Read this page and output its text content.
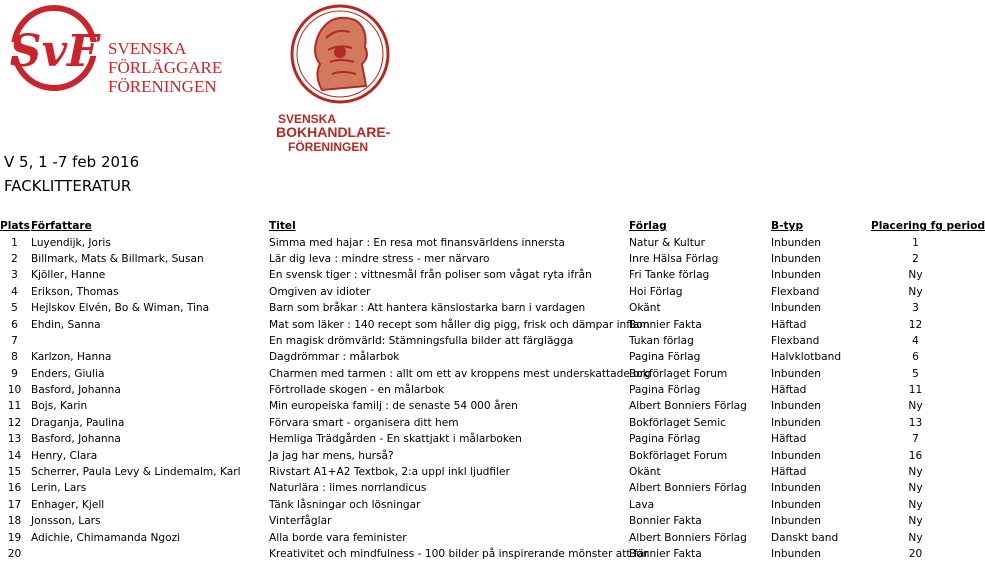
SvF SVENSKA
FÖRLÄGGARE
FÖRENINGEN
SVENSKA
BOKHANDLARE-
FÖRENINGEN
V 5, 1 -7 feb 2016
FACKLITTERATUR
Plats	Författare	Titel	Förlag	B-typ	Placering fg period
1	Luyendijk, Joris	Simma med hajar : En resa mot finansvärldens innersta	Natur & Kultur	Inbunden	1
2	Billmark, Mats & Billmark, Susan	Lär dig leva : mindre stress - mer närvaro	Inre Hälsa Förlag	Inbunden	2
3	Kjöller, Hanne	En svensk tiger : vittnesmål från poliser som vågat ryta ifrån	Fri Tanke förlag	Inbunden	Ny
4	Erikson, Thomas	Omgiven av idioter	Hoi Förlag	Flexband	Ny
5	Hejlskov Elvén, Bo & Wiman, Tina	Barn som bråkar : Att hantera känslostarka barn i vardagen	Okänt	Inbunden	3
6	Ehdin, Sanna	Mat som läker : 140 recept som håller dig pigg, frisk och dämpar inflam	Bonnier Fakta	Häftad	12
7		En magisk drömvärld: Stämningsfulla bilder att färglägga	Tukan förlag	Flexband	4
8	Karlzon, Hanna	Dagdrömmar : målarbok	Pagina Förlag	Halvklotband	6
9	Enders, Giulia	Charmen med tarmen : allt om ett av kroppens mest underskattade org	Bokförlaget Forum	Inbunden	5
10	Basford, Johanna	Förtrollade skogen - en målarbok	Pagina Förlag	Häftad	11
11	Bojs, Karin	Min europeiska familj : de senaste 54 000 åren	Albert Bonniers Förlag	Inbunden	Ny
12	Draganja, Paulina	Förvara smart - organisera ditt hem	Bokförlaget Semic	Inbunden	13
13	Basford, Johanna	Hemliga Trädgården - En skattjakt i målarboken	Pagina Förlag	Häftad	7
14	Henry, Clara	Ja jag har mens, hurså?	Bokförlaget Forum	Inbunden	16
15	Scherrer, Paula Levy & Lindemalm, Karl	Rivstart A1+A2 Textbok, 2:a uppl inkl ljudfiler	Okänt	Häftad	Ny
16	Lerin, Lars	Naturlära : limes norrlandicus	Albert Bonniers Förlag	Inbunden	Ny
17	Enhager, Kjell	Tänk låsningar och lösningar	Lava	Inbunden	Ny
18	Jonsson, Lars	Vinterfåglar	Bonnier Fakta	Inbunden	Ny
19	Adichie, Chimamanda Ngozi	Alla borde vara feminister	Albert Bonniers Förlag	Danskt band	Ny
20		Kreativitet och mindfulness - 100 bilder på inspirerande mönster att fär	Bonnier Fakta	Inbunden	20
